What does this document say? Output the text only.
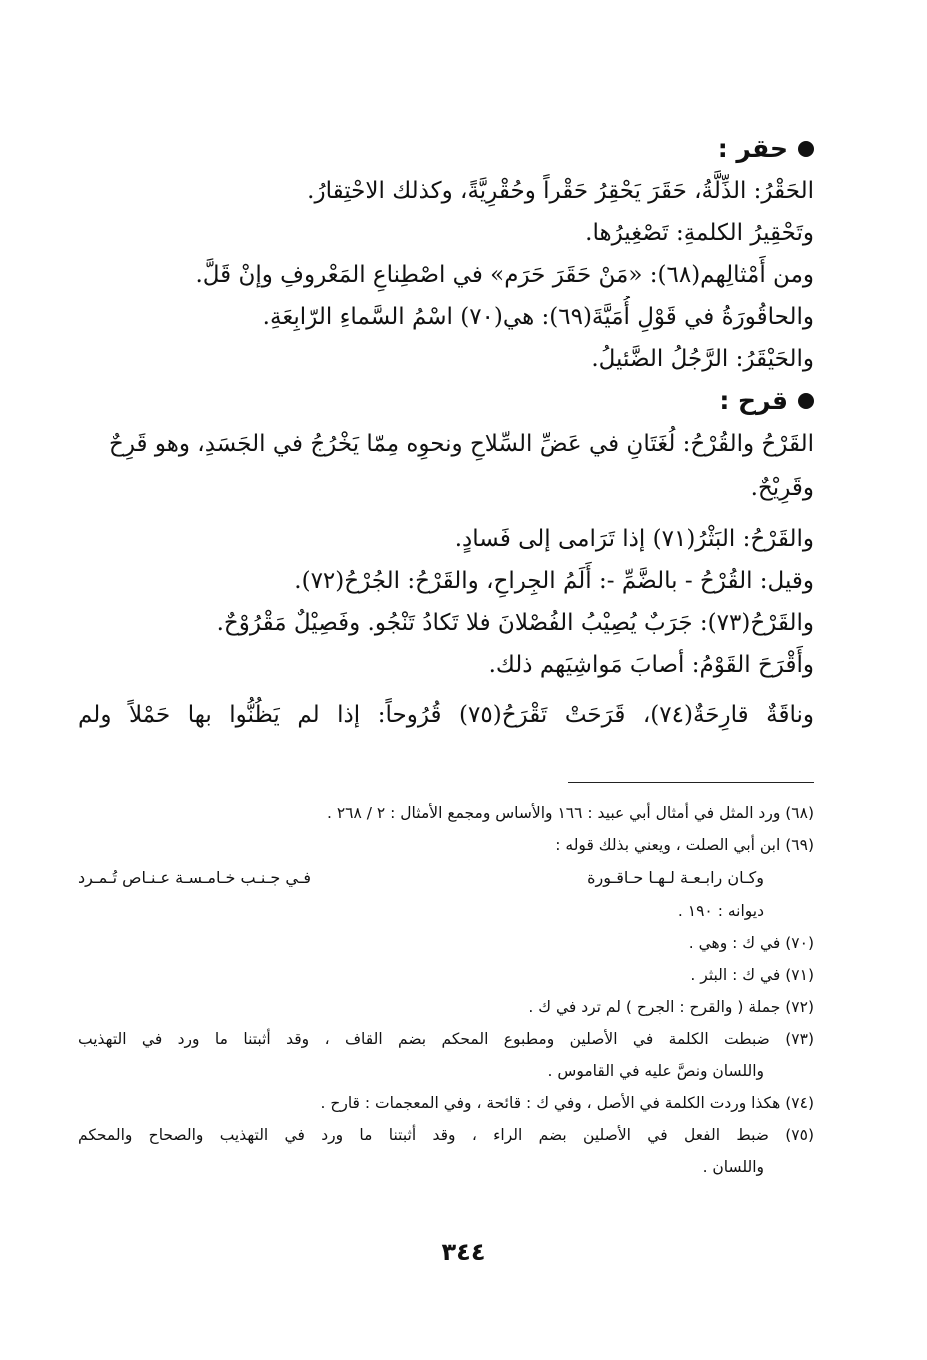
حقر :
الحَقْرُ: الذِّلَّةُ، حَقَرَ يَحْقِرُ حَقْراً وحُقْرِيَّةً، وكذلك الاحْتِقارُ.
وتَحْقِيرُ الكلمةِ: تَصْغِيرُها.
ومن أَمْثالِهم(٦٨): «مَنْ حَقَرَ حَرَم» في اصْطِناعِ المَعْروفِ وإنْ قَلَّ.
والحاقُورَةُ في قَوْلِ أُمَيَّةَ(٦٩): هي(٧٠) اسْمُ السَّماءِ الرّابِعَةِ.
والحَيْقَرُ: الرَّجُلُ الضَّئيلُ.
قرح :
القَرْحُ والقُرْحُ: لُغَتَانِ في عَضِّ السِّلاحِ ونحوِه مِمّا يَخْرُجُ في الجَسَدِ، وهو قَرِحٌ وقَرِيْحٌ.
والقَرْحُ: البَثْرُ(٧١) إذا تَرَامى إلى فَسادٍ.
وقيل: القُرْحُ - بالضَّمِّ -: أَلَمُ الجِراحِ، والقَرْحُ: الجُرْحُ(٧٢).
والقَرْحُ(٧٣): جَرَبٌ يُصِيْبُ الفُصْلانَ فلا تَكادُ تَنْجُو. وفَصِيْلٌ مَقْرُوْحٌ.
وأَقْرَحَ القَوْمُ: أصابَ مَواشِيَهم ذلك.
وناقَةٌ قارِحَةٌ(٧٤)، قَرَحَتْ تَقْرَحُ(٧٥) قُرُوحاً: إذا لم يَظُنُّوا بها حَمْلاً ولم
(٦٨) ورد المثل في أمثال أبي عبيد : ١٦٦ والأساس ومجمع الأمثال : ٢ / ٢٦٨ .
(٦٩) ابن أبي الصلت ، ويعني بذلك قوله :
وكـان رابـعـة لـهـا حـاقـورة
فـي جـنـب خـامـسـة عـنـاص تُـمـرد
ديوانه : ١٩٠ .
(٧٠) في ك : وهي .
(٧١) في ك : البثر .
(٧٢) جملة ( والقرح : الجرح ) لم ترد في ك .
(٧٣) ضبطت الكلمة في الأصلين ومطبوع المحكم بضم القاف ، وقد أثبتنا ما ورد في التهذيب
واللسان ونصَّ عليه في القاموس .
(٧٤) هكذا وردت الكلمة في الأصل ، وفي ك : قائحة ، وفي المعجمات : قارح .
(٧٥) ضبط الفعل في الأصلين بضم الراء ، وقد أثبتنا ما ورد في التهذيب والصحاح والمحكم
واللسان .
٣٤٤
